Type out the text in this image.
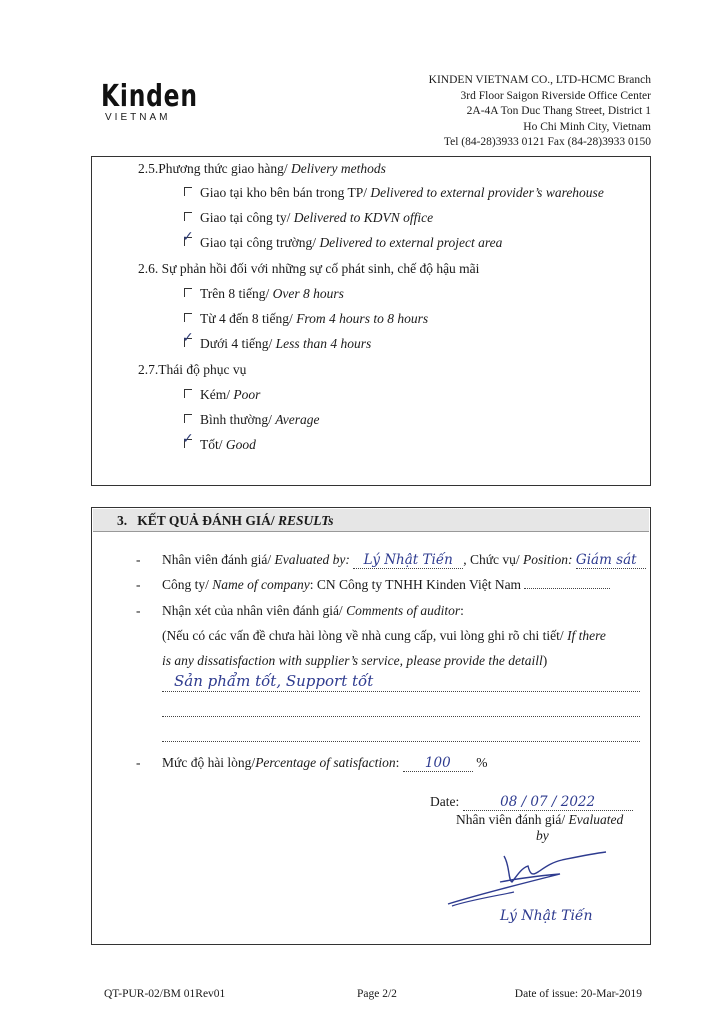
Kinden
VIETNAM
KINDEN VIETNAM CO., LTD-HCMC Branch
3rd Floor Saigon Riverside Office Center
2A-4A Ton Duc Thang Street, District 1
Ho Chi Minh City, Vietnam
Tel (84-28)3933 0121 Fax (84-28)3933 0150
2.5.Phương thức giao hàng/ Delivery methods
Giao tại kho bên bán trong TP/ Delivered to external provider’s warehouse
Giao tại công ty/ Delivered to KDVN office
✓ Giao tại công trường/ Delivered to external project area
2.6. Sự phản hồi đối với những sự cố phát sinh, chế độ hậu mãi
Trên 8 tiếng/ Over 8 hours
Từ 4 đến 8 tiếng/ From 4 hours to 8 hours
✓ Dưới 4 tiếng/ Less than 4 hours
2.7.Thái độ phục vụ
Kém/ Poor
Bình thường/ Average
✓ Tốt/ Good
3. KẾT QUẢ ĐÁNH GIÁ/ RESULTs
- Nhân viên đánh giá/ Evaluated by: Lý Nhật Tiến , Chức vụ/ Position: Giám sát
- Công ty/ Name of company: CN Công ty TNHH Kinden Việt Nam
- Nhận xét của nhân viên đánh giá/ Comments of auditor:
(Nếu có các vấn đề chưa hài lòng về nhà cung cấp, vui lòng ghi rõ chi tiết/ If there
is any dissatisfaction with supplier’s service, please provide the detaill)
Sản phẩm tốt, Support tốt
- Mức độ hài lòng/Percentage of satisfaction: 100 %
Date:	08 / 07 / 2022
Nhân viên đánh giá/ Evaluated
by
Lý Nhật Tiến
QT-PUR-02/BM 01Rev01	Page 2/2	Date of issue: 20-Mar-2019
